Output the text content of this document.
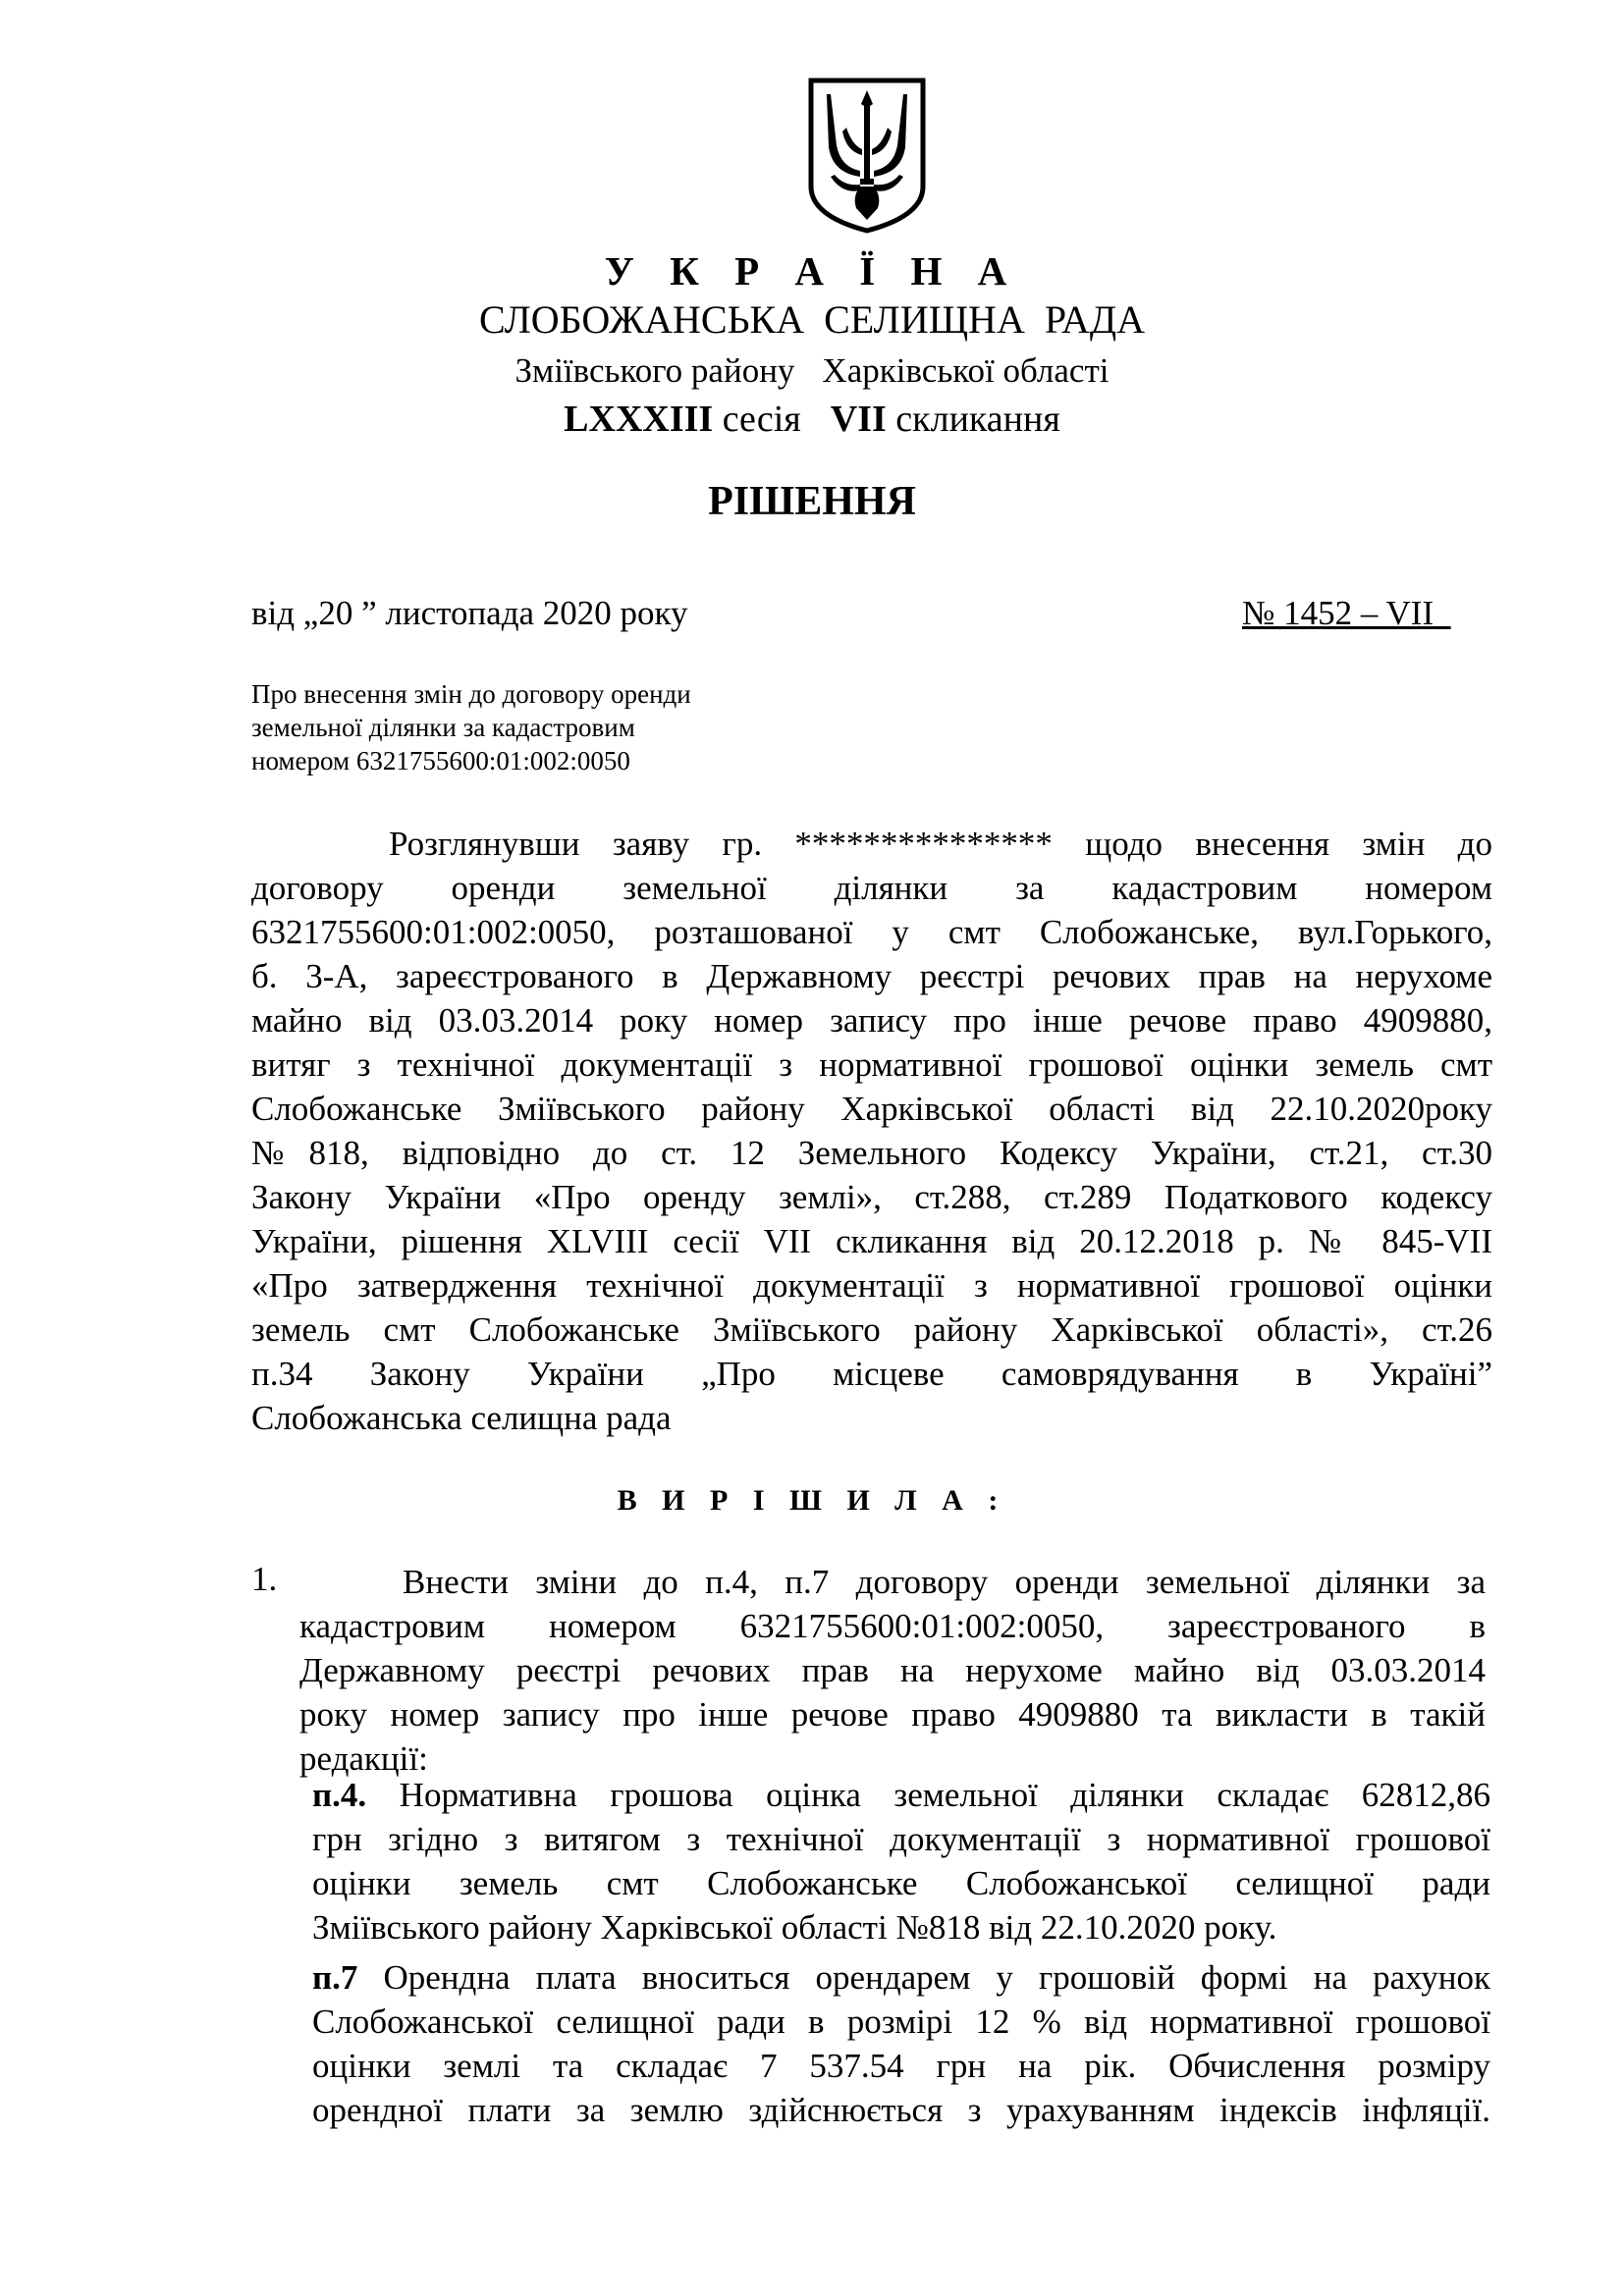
У К Р А Ї Н А
СЛОБОЖАНСЬКА СЕЛИЩНА РАДА
Зміївського району Харківської області
LXXXIII сесія VII скликання
РІШЕННЯ
від „20 ” листопада 2020 року	№ 1452 – VII
Про внесення змін до договору оренди
земельної ділянки за кадастровим
номером 6321755600:01:002:0050
Розглянувши заяву гр. *************** щодо внесення змін до
договору оренди земельної ділянки за кадастровим номером
6321755600:01:002:0050, розташованої у смт Слобожанське, вул.Горького,
б. 3-А, зареєстрованого в Державному реєстрі речових прав на нерухоме
майно від 03.03.2014 року номер запису про інше речове право 4909880,
витяг з технічної документації з нормативної грошової оцінки земель смт
Слобожанське Зміївського району Харківської області від 22.10.2020року
№818, відповідно до ст. 12 Земельного Кодексу України, ст.21, ст.30
Закону України «Про оренду землі», ст.288, ст.289 Податкового кодексу
України, рішення XLVIII сесії VII скликання від 20.12.2018 р. № 845-VII
«Про затвердження технічної документації з нормативної грошової оцінки
земель смт Слобожанське Зміївського району Харківської області», ст.26
п.34 Закону України „Про місцеве самоврядування в Україні”
Слобожанська селищна рада
В И Р І Ш И Л А :
1.	Внести зміни до п.4, п.7 договору оренди земельної ділянки за
кадастровим номером 6321755600:01:002:0050, зареєстрованого в
Державному реєстрі речових прав на нерухоме майно від 03.03.2014
року номер запису про інше речове право 4909880 та викласти в такій
редакції:
п.4. Нормативна грошова оцінка земельної ділянки складає 62812,86
грн згідно з витягом з технічної документації з нормативної грошової
оцінки земель смт Слобожанське Слобожанської селищної ради
Зміївського району Харківської області №818 від 22.10.2020 року.
п.7 Орендна плата вноситься орендарем у грошовій формі на рахунок
Слобожанської селищної ради в розмірі 12 % від нормативної грошової
оцінки землі та складає 7 537.54 грн на рік. Обчислення розміру
орендної плати за землю здійснюється з урахуванням індексів інфляції.
